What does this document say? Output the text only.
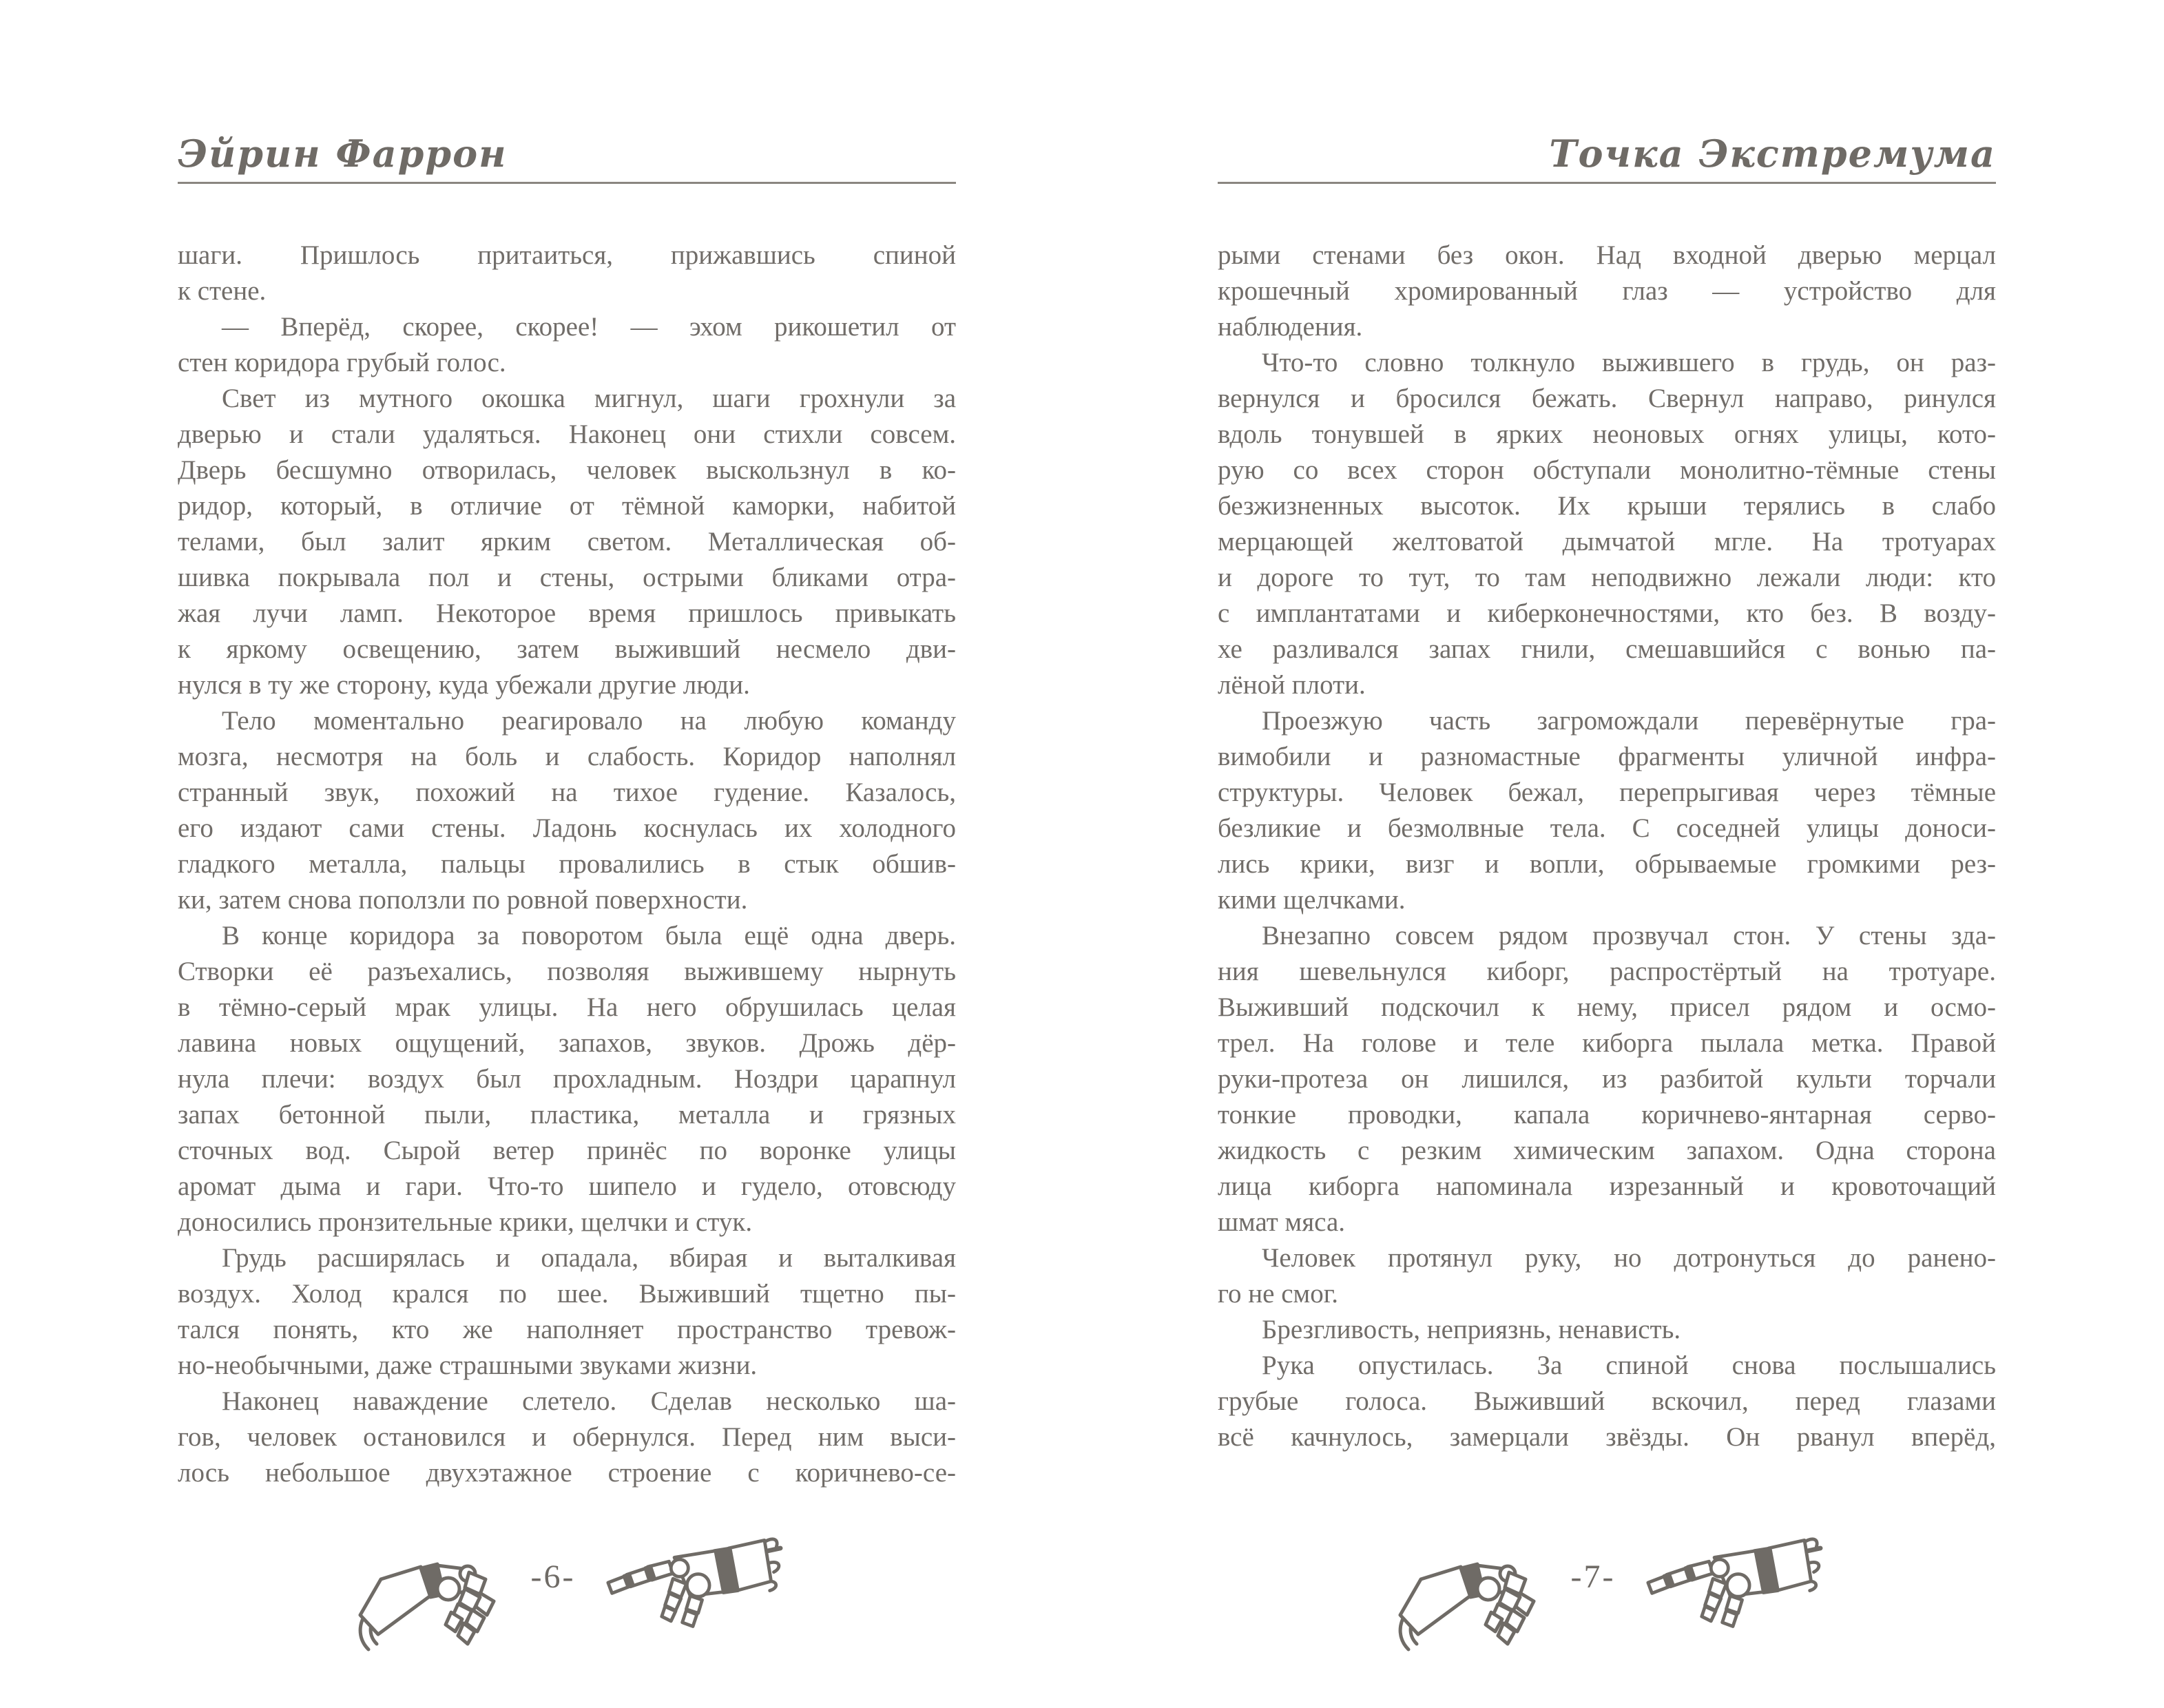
Эйрин Фаррон
шаги. Пришлось притаиться, прижавшись спиной
к стене.
— Вперёд, скорее, скорее! — эхом рикошетил от
стен коридора грубый голос.
Свет из мутного окошка мигнул, шаги грохнули за
дверью и стали удаляться. Наконец они стихли совсем.
Дверь бесшумно отворилась, человек выскользнул в ко-
ридор, который, в отличие от тёмной каморки, набитой
телами, был залит ярким светом. Металлическая об-
шивка покрывала пол и стены, острыми бликами отра-
жая лучи ламп. Некоторое время пришлось привыкать
к яркому освещению, затем выживший несмело дви-
нулся в ту же сторону, куда убежали другие люди.
Тело моментально реагировало на любую команду
мозга, несмотря на боль и слабость. Коридор наполнял
странный звук, похожий на тихое гудение. Казалось,
его издают сами стены. Ладонь коснулась их холодного
гладкого металла, пальцы провалились в стык обшив-
ки, затем снова поползли по ровной поверхности.
В конце коридора за поворотом была ещё одна дверь.
Створки её разъехались, позволяя выжившему нырнуть
в тёмно-серый мрак улицы. На него обрушилась целая
лавина новых ощущений, запахов, звуков. Дрожь дёр-
нула плечи: воздух был прохладным. Ноздри царапнул
запах бетонной пыли, пластика, металла и грязных
сточных вод. Сырой ветер принёс по воронке улицы
аромат дыма и гари. Что-то шипело и гудело, отовсюду
доносились пронзительные крики, щелчки и стук.
Грудь расширялась и опадала, вбирая и выталкивая
воздух. Холод крался по шее. Выживший тщетно пы-
тался понять, кто же наполняет пространство тревож-
но-необычными, даже страшными звуками жизни.
Наконец наваждение слетело. Сделав несколько ша-
гов, человек остановился и обернулся. Перед ним выси-
лось небольшое двухэтажное строение с коричнево-се-
-6-
Точка Экстремума
рыми стенами без окон. Над входной дверью мерцал
крошечный хромированный глаз — устройство для
наблюдения.
Что-то словно толкнуло выжившего в грудь, он раз-
вернулся и бросился бежать. Свернул направо, ринулся
вдоль тонувшей в ярких неоновых огнях улицы, кото-
рую со всех сторон обступали монолитно-тёмные стены
безжизненных высоток. Их крыши терялись в слабо
мерцающей желтоватой дымчатой мгле. На тротуарах
и дороге то тут, то там неподвижно лежали люди: кто
с имплантатами и киберконечностями, кто без. В возду-
хе разливался запах гнили, смешавшийся с вонью па-
лёной плоти.
Проезжую часть загромождали перевёрнутые гра-
вимобили и разномастные фрагменты уличной инфра-
структуры. Человек бежал, перепрыгивая через тёмные
безликие и безмолвные тела. С соседней улицы доноси-
лись крики, визг и вопли, обрываемые громкими рез-
кими щелчками.
Внезапно совсем рядом прозвучал стон. У стены зда-
ния шевельнулся киборг, распростёртый на тротуаре.
Выживший подскочил к нему, присел рядом и осмо-
трел. На голове и теле киборга пылала метка. Правой
руки-протеза он лишился, из разбитой культи торчали
тонкие проводки, капала коричнево-янтарная серво-
жидкость с резким химическим запахом. Одна сторона
лица киборга напоминала изрезанный и кровоточащий
шмат мяса.
Человек протянул руку, но дотронуться до ранено-
го не смог.
Брезгливость, неприязнь, ненависть.
Рука опустилась. За спиной снова послышались
грубые голоса. Выживший вскочил, перед глазами
всё качнулось, замерцали звёзды. Он рванул вперёд,
-7-
